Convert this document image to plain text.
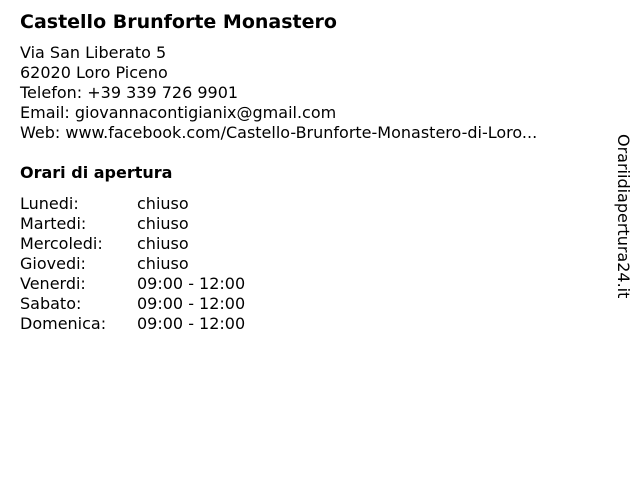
Castello Brunforte Monastero
Via San Liberato 5
62020 Loro Piceno
Telefon: +39 339 726 9901
Email: giovannacontigianix@gmail.com
Web: www.facebook.com/Castello-Brunforte-Monastero-di-Loro...
Orari di apertura
Lunedi:	chiuso
Martedi:	chiuso
Mercoledi: chiuso
Giovedi:	chiuso
Venerdi:	09:00 - 12:00
Sabato:	09:00 - 12:00
Domenica: 09:00 - 12:00
Orariidiapertura24.it
